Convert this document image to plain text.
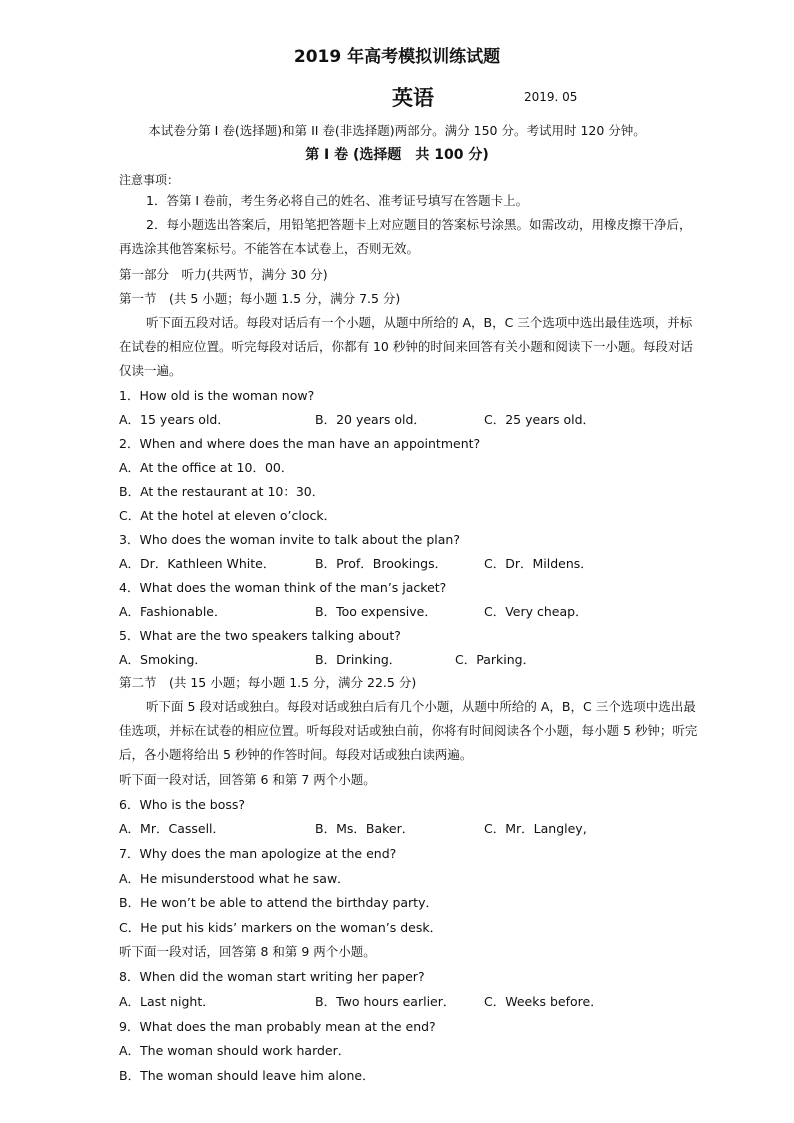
2019 年高考模拟训练试题
英语	2019. 05
本试卷分第 I 卷(选择题)和第 II 卷(非选择题)两部分。满分 150 分。考试用时 120 分钟。
第 I 卷 (选择题　共 100 分)
注意事项：
1．答第 I 卷前，考生务必将自己的姓名、准考证号填写在答题卡上。
2．每小题选出答案后，用铅笔把答题卡上对应题目的答案标号涂黑。如需改动，用橡皮擦干净后，再选涂其他答案标号。不能答在本试卷上，否则无效。
第一部分　听力(共两节，满分 30 分)
第一节　(共 5 小题；每小题 1.5 分，满分 7.5 分)
听下面五段对话。每段对话后有一个小题，从题中所给的 A，B，C 三个选项中选出最佳选项，并标在试卷的相应位置。听完每段对话后，你都有 10 秒钟的时间来回答有关小题和阅读下一小题。每段对话仅读一遍。
1．How old is the woman now?
A．15 years old．	B．20 years old．	C．25 years old．
2．When and where does the man have an appointment?
A．At the office at 10．00．
B．At the restaurant at 10：30．
C．At the hotel at eleven o’clock．
3．Who does the woman invite to talk about the plan?
A．Dr．Kathleen White．	B．Prof．Brookings．	C．Dr．Mildens．
4．What does the woman think of the man’s jacket?
A．Fashionable．	B．Too expensive．	C．Very cheap．
5．What are the two speakers talking about?
A．Smoking．	B．Drinking．	C．Parking．
第二节　(共 15 小题；每小题 1.5 分，满分 22.5 分)
听下面 5 段对话或独白。每段对话或独白后有几个小题，从题中所给的 A，B，C 三个选项中选出最佳选项，并标在试卷的相应位置。听每段对话或独白前，你将有时间阅读各个小题，每小题 5 秒钟；听完后，各小题将给出 5 秒钟的作答时间。每段对话或独白读两遍。
听下面一段对话，回答第 6 和第 7 两个小题。
6．Who is the boss?
A．Mr．Cassell．	B．Ms．Baker．	C．Mr．Langley,
7．Why does the man apologize at the end?
A．He misunderstood what he saw．
B．He won’t be able to attend the birthday party．
C．He put his kids’ markers on the woman’s desk．
听下面一段对话，回答第 8 和第 9 两个小题。
8．When did the woman start writing her paper?
A．Last night．	B．Two hours earlier． C．Weeks before．
9．What does the man probably mean at the end?
A．The woman should work harder．
B．The woman should leave him alone．
